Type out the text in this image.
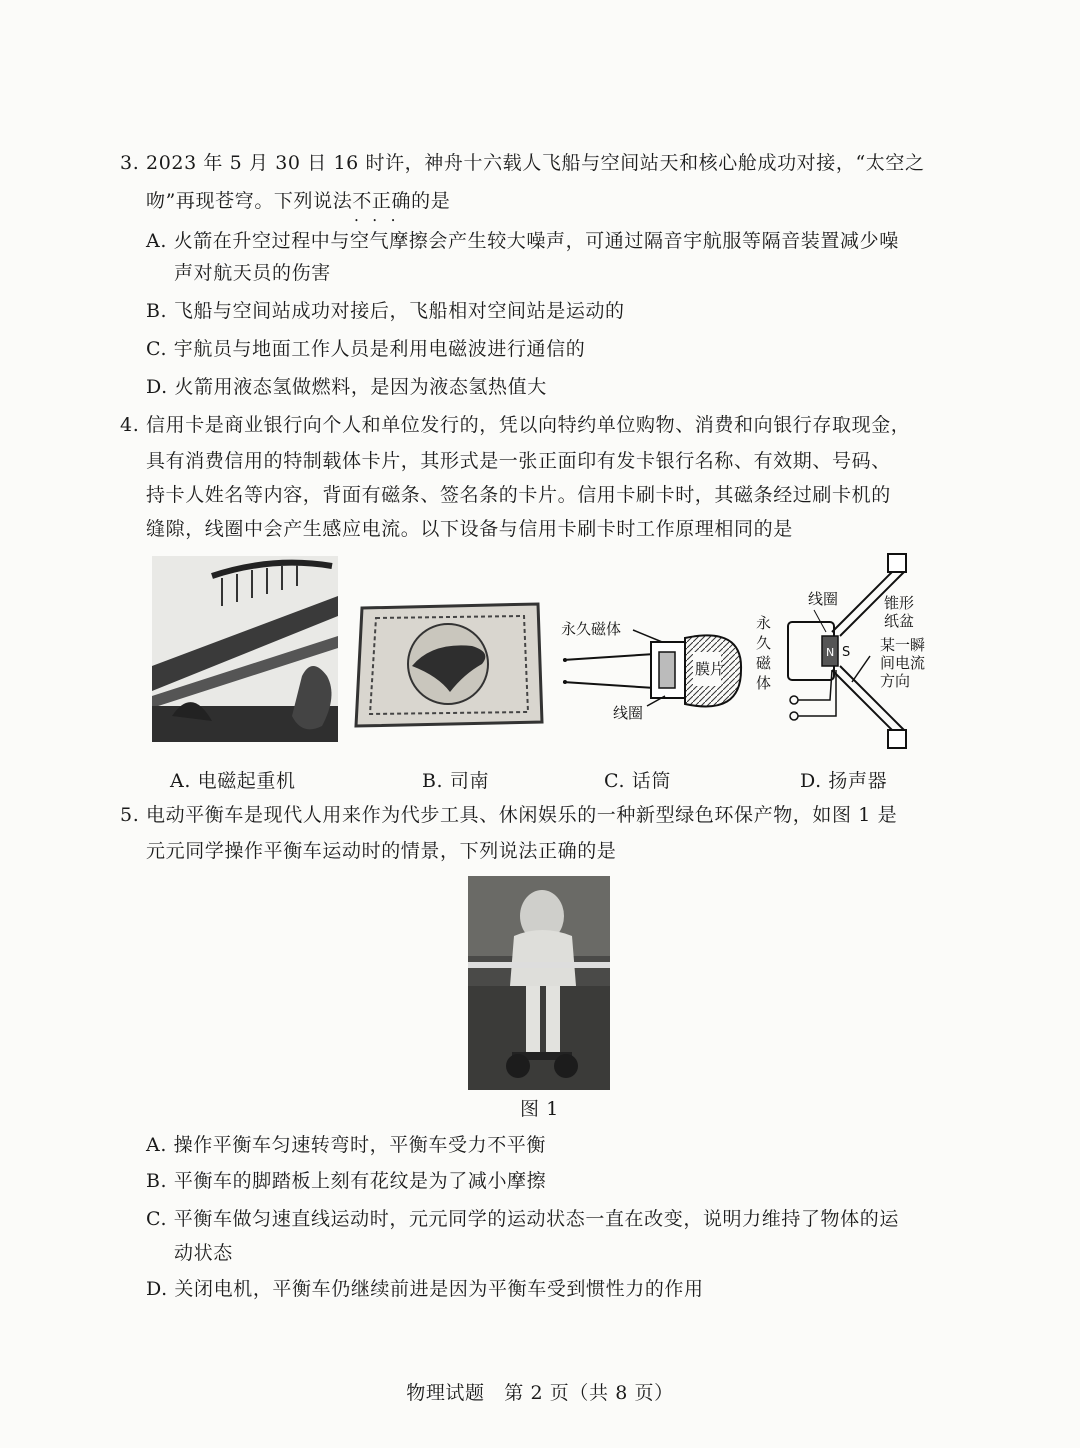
3. 2023 年 5 月 30 日 16 时许，神舟十六载人飞船与空间站天和核心舱成功对接，“太空之
吻”再现苍穹。下列说法不正确 • • •的是
A. 火箭在升空过程中与空气摩擦会产生较大噪声，可通过隔音宇航服等隔音装置减少噪
声对航天员的伤害
B. 飞船与空间站成功对接后，飞船相对空间站是运动的
C. 宇航员与地面工作人员是利用电磁波进行通信的
D. 火箭用液态氢做燃料，是因为液态氢热值大
4. 信用卡是商业银行向个人和单位发行的，凭以向特约单位购物、消费和向银行存取现金，
具有消费信用的特制载体卡片，其形式是一张正面印有发卡银行名称、有效期、号码、
持卡人姓名等内容，背面有磁条、签名条的卡片。信用卡刷卡时，其磁条经过刷卡机的
缝隙，线圈中会产生感应电流。以下设备与信用卡刷卡时工作原理相同的是
永久磁体
膜片
线圈
线圈	锥形
纸盆
永
久
磁
体
某一瞬
间电流
方向
N S
A. 电磁起重机	B. 司南	C. 话筒	D. 扬声器
5. 电动平衡车是现代人用来作为代步工具、休闲娱乐的一种新型绿色环保产物，如图 1 是
元元同学操作平衡车运动时的情景，下列说法正确的是
图 1
A. 操作平衡车匀速转弯时，平衡车受力不平衡
B. 平衡车的脚踏板上刻有花纹是为了减小摩擦
C. 平衡车做匀速直线运动时，元元同学的运动状态一直在改变，说明力维持了物体的运
动状态
D. 关闭电机，平衡车仍继续前进是因为平衡车受到惯性力的作用
物理试题　第 2 页（共 8 页）
